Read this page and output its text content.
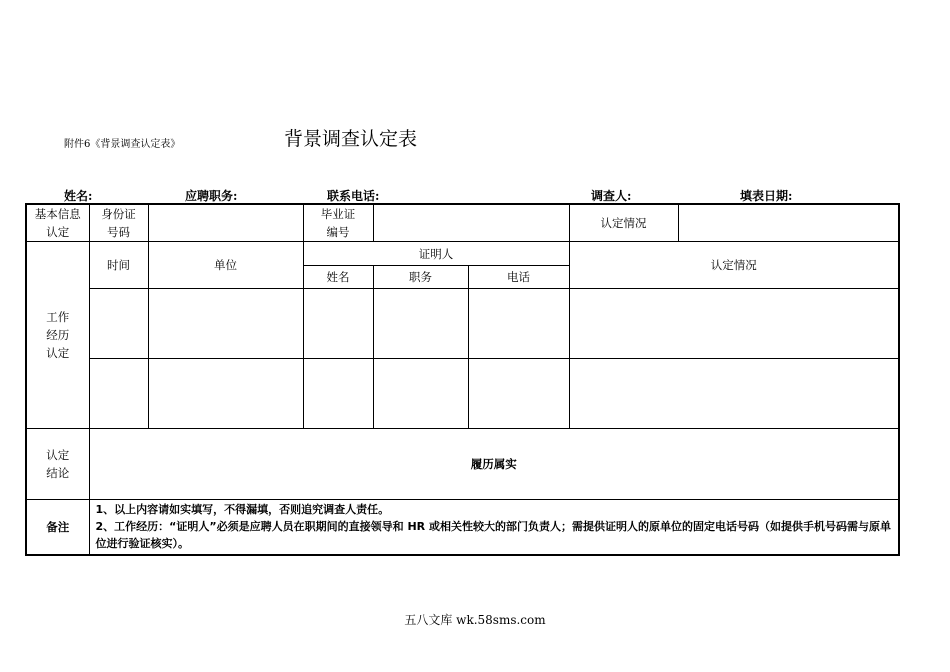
附件6《背景调查认定表》	背景调查认定表
姓名:	应聘职务:	联系电话:	调查人:	填表日期:
基本信息认定	身份证号码		毕业证编号			认定情况	
工作经历认定	时间	单位	证明人			认定情况	
			姓名	职务	电话		

认定结论	履历属实						
备注	1、以上内容请如实填写，不得漏填，否则追究调查人责任。
2、工作经历：“证明人”必须是应聘人员在职期间的直接领导和 HR 或相关性较大的部门负责人；需提供证明人的原单位的固定电话号码（如提供手机号码需与原单位进行验证核实）。						
五八文库 wk.58sms.com
